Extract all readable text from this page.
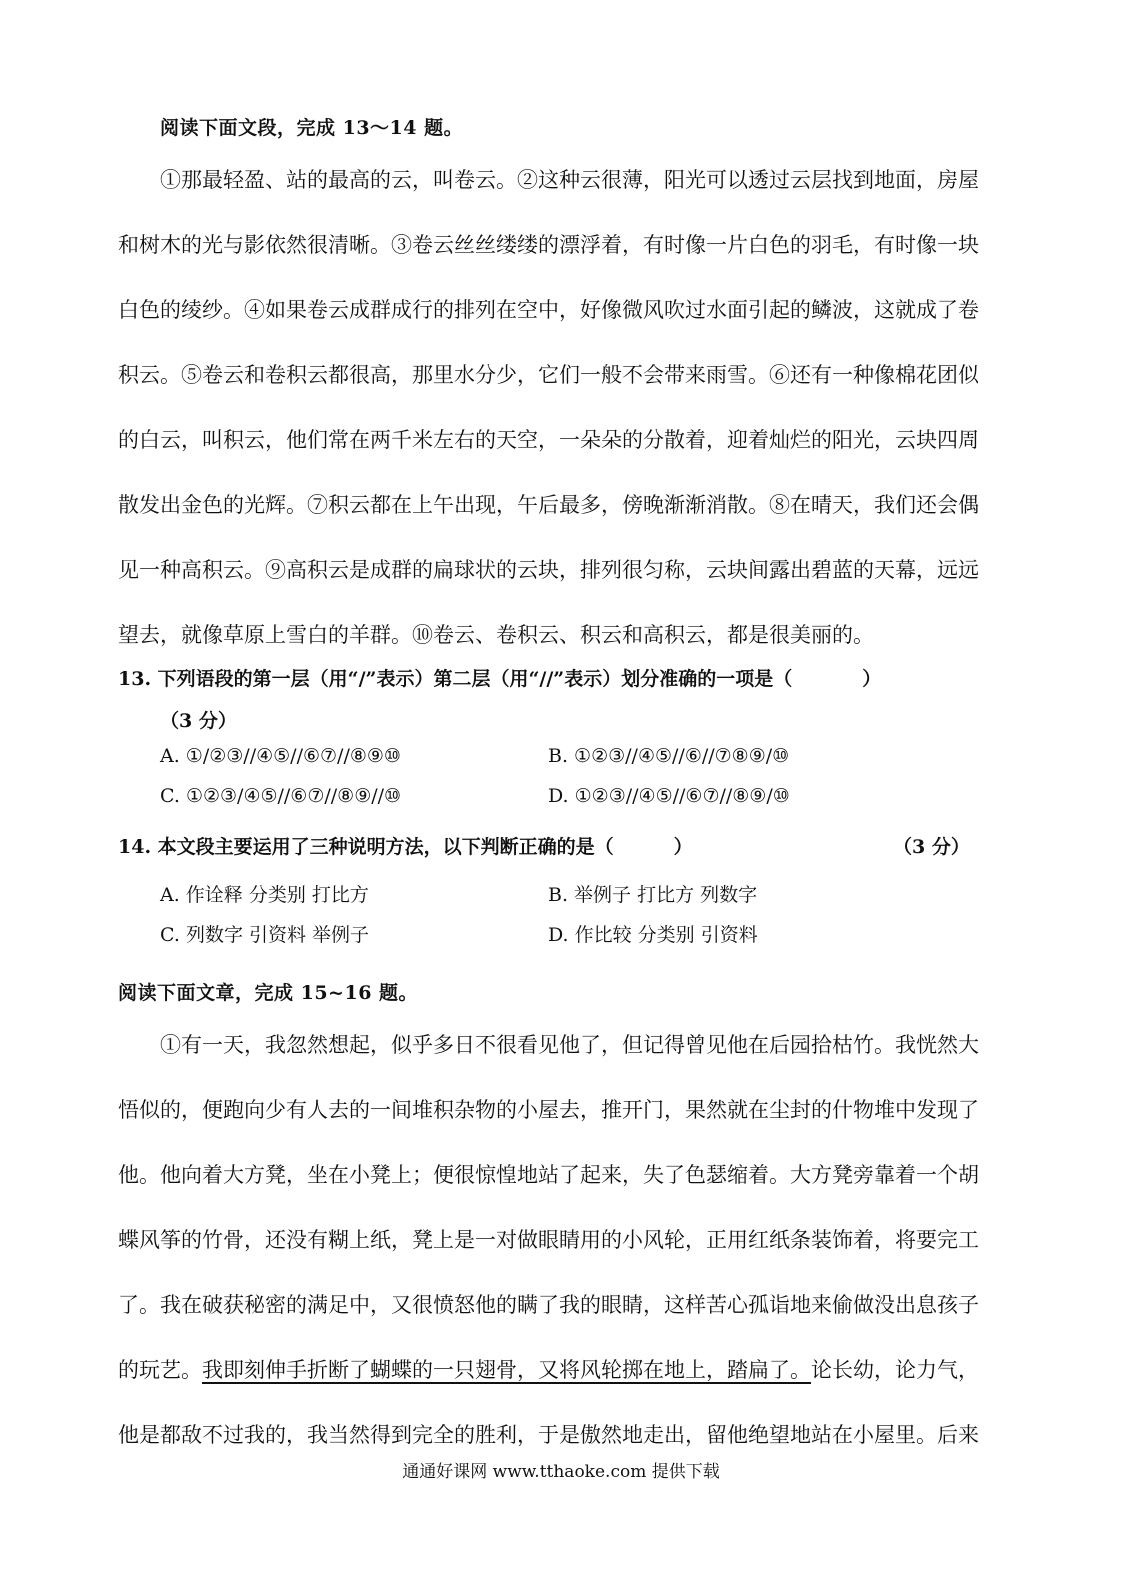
阅读下面文段，完成 13～14 题。
①那最轻盈、站的最高的云，叫卷云。②这种云很薄，阳光可以透过云层找到地面，房屋
和树木的光与影依然很清晰。③卷云丝丝缕缕的漂浮着，有时像一片白色的羽毛，有时像一块
白色的绫纱。④如果卷云成群成行的排列在空中，好像微风吹过水面引起的鳞波，这就成了卷
积云。⑤卷云和卷积云都很高，那里水分少，它们一般不会带来雨雪。⑥还有一种像棉花团似
的白云，叫积云，他们常在两千米左右的天空，一朵朵的分散着，迎着灿烂的阳光，云块四周
散发出金色的光辉。⑦积云都在上午出现，午后最多，傍晚渐渐消散。⑧在晴天，我们还会偶
见一种高积云。⑨高积云是成群的扁球状的云块，排列很匀称，云块间露出碧蓝的天幕，远远
望去，就像草原上雪白的羊群。⑩卷云、卷积云、积云和高积云，都是很美丽的。
13. 下列语段的第一层（用“/”表示）第二层（用“//”表示）划分准确的一项是（	）
（3 分）
A. ①/②③//④⑤//⑥⑦//⑧⑨⑩	B. ①②③//④⑤//⑥//⑦⑧⑨/⑩
C. ①②③/④⑤//⑥⑦//⑧⑨//⑩	D. ①②③//④⑤//⑥⑦//⑧⑨/⑩
14. 本文段主要运用了三种说明方法，以下判断正确的是（	）	（3 分）
A. 作诠释 分类别 打比方	B. 举例子 打比方 列数字
C. 列数字 引资料 举例子	D. 作比较 分类别 引资料
阅读下面文章，完成 15~16 题。
①有一天，我忽然想起，似乎多日不很看见他了，但记得曾见他在后园拾枯竹。我恍然大
悟似的，便跑向少有人去的一间堆积杂物的小屋去，推开门，果然就在尘封的什物堆中发现了
他。他向着大方凳，坐在小凳上；便很惊惶地站了起来，失了色瑟缩着。大方凳旁靠着一个胡
蝶风筝的竹骨，还没有糊上纸，凳上是一对做眼睛用的小风轮，正用红纸条装饰着，将要完工
了。我在破获秘密的满足中，又很愤怒他的瞒了我的眼睛，这样苦心孤诣地来偷做没出息孩子
的玩艺。我即刻伸手折断了蝴蝶的一只翅骨，又将风轮掷在地上，踏扁了。论长幼，论力气，
他是都敌不过我的，我当然得到完全的胜利，于是傲然地走出，留他绝望地站在小屋里。后来
通通好课网 www.tthaoke.com 提供下载
